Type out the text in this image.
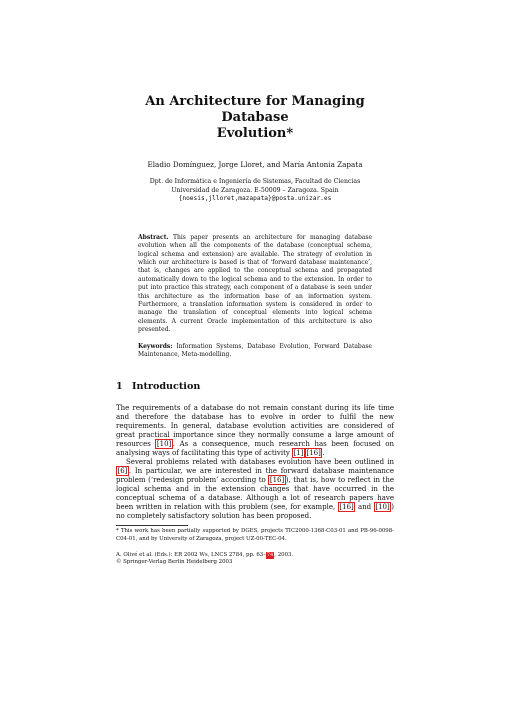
An Architecture for Managing Database
Evolution*
Eladio Domínguez, Jorge Lloret, and María Antonia Zapata
Dpt. de Informática e Ingeniería de Sistemas, Facultad de Ciencias
Universidad de Zaragoza. E-50009 – Zaragoza. Spain
{noesis,jlloret,mazapata}@posta.unizar.es
Abstract. This paper presents an architecture for managing database evolution when all the components of the database (conceptual schema, logical schema and extension) are available. The strategy of evolution in which our architecture is based is that of ‘forward database maintenance’, that is, changes are applied to the conceptual schema and propagated automatically down to the logical schema and to the extension. In order to put into practice this strategy, each component of a database is seen under this architecture as the information base of an information system. Furthermore, a translation information system is considered in order to manage the translation of conceptual elements into logical schema elements. A current Oracle implementation of this architecture is also presented.
Keywords: Information Systems, Database Evolution, Forward Database Maintenance, Meta-modelling.
1 Introduction

The requirements of a database do not remain constant during its life time and therefore the database has to evolve in order to fulfil the new requirements. In general, database evolution activities are considered of great practical importance since they normally consume a large amount of resources [10] . As a consequence, much research has been focused on analysing ways of facilitating this type of activity [1] [16] .

Several problems related with databases evolution have been outlined in [6] . In particular, we are interested in the forward database maintenance problem (‘redesign problem’ according to [16] ), that is, how to reflect in the logical schema and in the extension changes that have occurred in the conceptual schema of a database. Although a lot of research papers have been written in relation with this problem (see, for example, [16] and [10] ) no completely satisfactory solution has been proposed.

* This work has been partially supported by DGES, projects TIC2000-1368-C03-01 and PB-96-0098-C04-01, and by University of Zaragoza, project UZ-00-TEC-04.
A. Olivé et al. (Eds.): ER 2002 Ws, LNCS 2784, pp. 63–74, 2003.
© Springer-Verlag Berlin Heidelberg 2003
